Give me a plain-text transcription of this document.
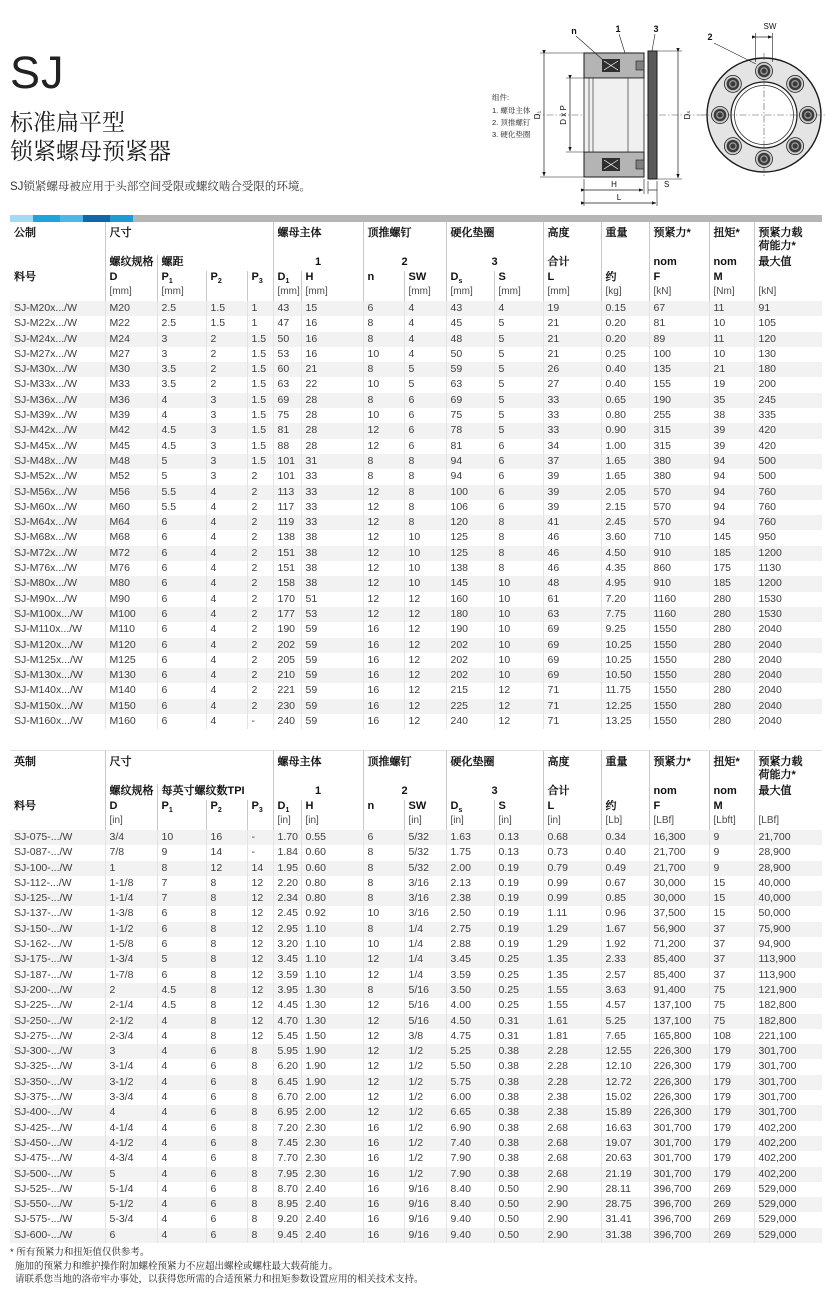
SJ
标准扁平型
锁紧螺母预紧器
SJ锁紧螺母被应用于头部空间受限或螺纹啮合受限的环境。
组件:
1. 螺母主体
2. 顶推螺钉
3. 硬化垫圈
D₁ D x P	Dₛ
n	1	3
H	S
L
2
SW
公制	尺寸				螺母主体		顶推螺钉		硬化垫圈		高度	重量	预紧力*	扭矩*	预紧力载荷能力*
	螺纹规格	螺距			1		2		3		合计		nom	nom	最大值
料号	D	$P_1$	$P_2$	$P_3$	$D_1$	H	n	SW	$D_s$	S	L	约	F	M	
	[mm]	[mm]			[mm]	[mm]		[mm]	[mm]	[mm]	[mm]	[kg]	[kN]	[Nm]	[kN]
SJ-M20x.../W	M20	2.5	1.5	1	43	15	6	4	43	4	19	0.15	67	11	91
SJ-M22x.../W	M22	2.5	1.5	1	47	16	8	4	45	5	21	0.20	81	10	105
SJ-M24x.../W	M24	3	2	1.5	50	16	8	4	48	5	21	0.20	89	11	120
SJ-M27x.../W	M27	3	2	1.5	53	16	10	4	50	5	21	0.25	100	10	130
SJ-M30x.../W	M30	3.5	2	1.5	60	21	8	5	59	5	26	0.40	135	21	180
SJ-M33x.../W	M33	3.5	2	1.5	63	22	10	5	63	5	27	0.40	155	19	200
SJ-M36x.../W	M36	4	3	1.5	69	28	8	6	69	5	33	0.65	190	35	245
SJ-M39x.../W	M39	4	3	1.5	75	28	10	6	75	5	33	0.80	255	38	335
SJ-M42x.../W	M42	4.5	3	1.5	81	28	12	6	78	5	33	0.90	315	39	420
SJ-M45x.../W	M45	4.5	3	1.5	88	28	12	6	81	6	34	1.00	315	39	420
SJ-M48x.../W	M48	5	3	1.5	101	31	8	8	94	6	37	1.65	380	94	500
SJ-M52x.../W	M52	5	3	2	101	33	8	8	94	6	39	1.65	380	94	500
SJ-M56x.../W	M56	5.5	4	2	113	33	12	8	100	6	39	2.05	570	94	760
SJ-M60x.../W	M60	5.5	4	2	117	33	12	8	106	6	39	2.15	570	94	760
SJ-M64x.../W	M64	6	4	2	119	33	12	8	120	8	41	2.45	570	94	760
SJ-M68x.../W	M68	6	4	2	138	38	12	10	125	8	46	3.60	710	145	950
SJ-M72x.../W	M72	6	4	2	151	38	12	10	125	8	46	4.50	910	185	1200
SJ-M76x.../W	M76	6	4	2	151	38	12	10	138	8	46	4.35	860	175	1130
SJ-M80x.../W	M80	6	4	2	158	38	12	10	145	10	48	4.95	910	185	1200
SJ-M90x.../W	M90	6	4	2	170	51	12	12	160	10	61	7.20	1160	280	1530
SJ-M100x.../W	M100	6	4	2	177	53	12	12	180	10	63	7.75	1160	280	1530
SJ-M110x.../W	M110	6	4	2	190	59	16	12	190	10	69	9.25	1550	280	2040
SJ-M120x.../W	M120	6	4	2	202	59	16	12	202	10	69	10.25	1550	280	2040
SJ-M125x.../W	M125	6	4	2	205	59	16	12	202	10	69	10.25	1550	280	2040
SJ-M130x.../W	M130	6	4	2	210	59	16	12	202	10	69	10.50	1550	280	2040
SJ-M140x.../W	M140	6	4	2	221	59	16	12	215	12	71	11.75	1550	280	2040
SJ-M150x.../W	M150	6	4	2	230	59	16	12	225	12	71	12.25	1550	280	2040
SJ-M160x.../W	M160	6	4	-	240	59	16	12	240	12	71	13.25	1550	280	2040
英制	尺寸				螺母主体		顶推螺钉		硬化垫圈		高度	重量	预紧力*	扭矩*	预紧力载荷能力*
	螺纹规格	每英寸螺纹数TPI			1		2		3		合计		nom	nom	最大值
料号	D	$P_1$	$P_2$	$P_3$	$D_1$	H	n	SW	$D_s$	S	L	约	F	M	
	[in]				[in]	[in]		[in]	[in]	[in]	[in]	[Lb]	[LBf]	[Lbft]	[LBf]
SJ-075-.../W	3/4	10	16	-	1.70	0.55	6	5/32	1.63	0.13	0.68	0.34	16,300	9	21,700
SJ-087-.../W	7/8	9	14	-	1.84	0.60	8	5/32	1.75	0.13	0.73	0.40	21,700	9	28,900
SJ-100-.../W	1	8	12	14	1.95	0.60	8	5/32	2.00	0.19	0.79	0.49	21,700	9	28,900
SJ-112-.../W	1-1/8	7	8	12	2.20	0.80	8	3/16	2.13	0.19	0.99	0.67	30,000	15	40,000
SJ-125-.../W	1-1/4	7	8	12	2.34	0.80	8	3/16	2.38	0.19	0.99	0.85	30,000	15	40,000
SJ-137-.../W	1-3/8	6	8	12	2.45	0.92	10	3/16	2.50	0.19	1.11	0.96	37,500	15	50,000
SJ-150-.../W	1-1/2	6	8	12	2.95	1.10	8	1/4	2.75	0.19	1.29	1.67	56,900	37	75,900
SJ-162-.../W	1-5/8	6	8	12	3.20	1.10	10	1/4	2.88	0.19	1.29	1.92	71,200	37	94,900
SJ-175-.../W	1-3/4	5	8	12	3.45	1.10	12	1/4	3.45	0.25	1.35	2.33	85,400	37	113,900
SJ-187-.../W	1-7/8	6	8	12	3.59	1.10	12	1/4	3.59	0.25	1.35	2.57	85,400	37	113,900
SJ-200-.../W	2	4.5	8	12	3.95	1.30	8	5/16	3.50	0.25	1.55	3.63	91,400	75	121,900
SJ-225-.../W	2-1/4	4.5	8	12	4.45	1.30	12	5/16	4.00	0.25	1.55	4.57	137,100	75	182,800
SJ-250-.../W	2-1/2	4	8	12	4.70	1.30	12	5/16	4.50	0.31	1.61	5.25	137,100	75	182,800
SJ-275-.../W	2-3/4	4	8	12	5.45	1.50	12	3/8	4.75	0.31	1.81	7.65	165,800	108	221,100
SJ-300-.../W	3	4	6	8	5.95	1.90	12	1/2	5.25	0.38	2.28	12.55	226,300	179	301,700
SJ-325-.../W	3-1/4	4	6	8	6.20	1.90	12	1/2	5.50	0.38	2.28	12.10	226,300	179	301,700
SJ-350-.../W	3-1/2	4	6	8	6.45	1.90	12	1/2	5.75	0.38	2.28	12.72	226,300	179	301,700
SJ-375-.../W	3-3/4	4	6	8	6.70	2.00	12	1/2	6.00	0.38	2.38	15.02	226,300	179	301,700
SJ-400-.../W	4	4	6	8	6.95	2.00	12	1/2	6.65	0.38	2.38	15.89	226,300	179	301,700
SJ-425-.../W	4-1/4	4	6	8	7.20	2.30	16	1/2	6.90	0.38	2.68	16.63	301,700	179	402,200
SJ-450-.../W	4-1/2	4	6	8	7.45	2.30	16	1/2	7.40	0.38	2.68	19.07	301,700	179	402,200
SJ-475-.../W	4-3/4	4	6	8	7.70	2.30	16	1/2	7.90	0.38	2.68	20.63	301,700	179	402,200
SJ-500-.../W	5	4	6	8	7.95	2.30	16	1/2	7.90	0.38	2.68	21.19	301,700	179	402,200
SJ-525-.../W	5-1/4	4	6	8	8.70	2.40	16	9/16	8.40	0.50	2.90	28.11	396,700	269	529,000
SJ-550-.../W	5-1/2	4	6	8	8.95	2.40	16	9/16	8.40	0.50	2.90	28.75	396,700	269	529,000
SJ-575-.../W	5-3/4	4	6	8	9.20	2.40	16	9/16	9.40	0.50	2.90	31.41	396,700	269	529,000
SJ-600-.../W	6	4	6	8	9.45	2.40	16	9/16	9.40	0.50	2.90	31.38	396,700	269	529,000
* 所有预紧力和扭矩值仅供参考。
施加的预紧力和维护操作附加螺栓预紧力不应超出螺栓或螺柱最大载荷能力。
请联系您当地的洛帝牢办事处，以获得您所需的合适预紧力和扭矩参数设置应用的相关技术支持。
